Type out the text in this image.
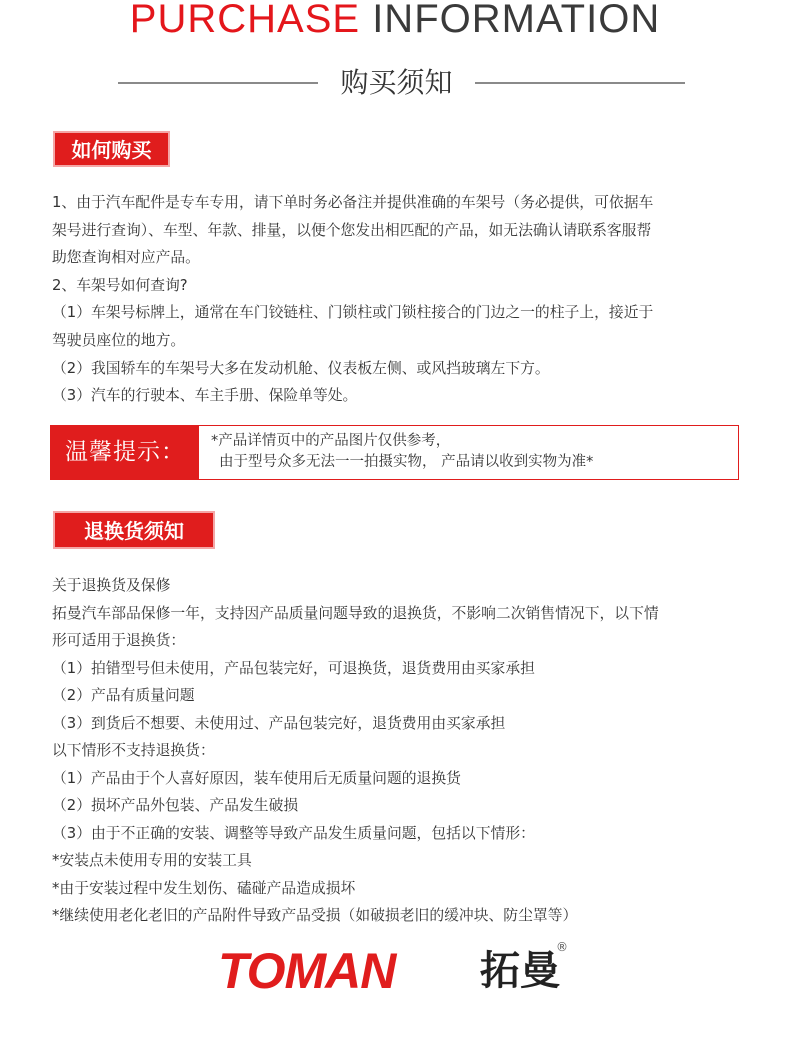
PURCHASE INFORMATION
购买须知
如何购买
1、由于汽车配件是专车专用，请下单时务必备注并提供准确的车架号（务必提供，可依据车
架号进行查询）、车型、年款、排量，以便个您发出相匹配的产品，如无法确认请联系客服帮
助您查询相对应产品。
2、车架号如何查询?
（1）车架号标牌上，通常在车门铰链柱、门锁柱或门锁柱接合的门边之一的柱子上，接近于
驾驶员座位的地方。
（2）我国轿车的车架号大多在发动机舱、仪表板左侧、或风挡玻璃左下方。
（3）汽车的行驶本、车主手册、保险单等处。
温馨提示：	*产品详情页中的产品图片仅供参考，
由于型号众多无法一一拍摄实物， 产品请以收到实物为准*
退换货须知
关于退换货及保修
拓曼汽车部品保修一年，支持因产品质量问题导致的退换货，不影响二次销售情况下，以下情
形可适用于退换货：
（1）拍错型号但未使用，产品包装完好，可退换货，退货费用由买家承担
（2）产品有质量问题
（3）到货后不想要、未使用过、产品包装完好，退货费用由买家承担
以下情形不支持退换货：
（1）产品由于个人喜好原因，装车使用后无质量问题的退换货
（2）损坏产品外包装、产品发生破损
（3）由于不正确的安装、调整等导致产品发生质量问题，包括以下情形：
*安装点未使用专用的安装工具
*由于安装过程中发生划伤、磕碰产品造成损坏
*继续使用老化老旧的产品附件导致产品受损（如破损老旧的缓冲块、防尘罩等）
TOMAN 拓曼
®
